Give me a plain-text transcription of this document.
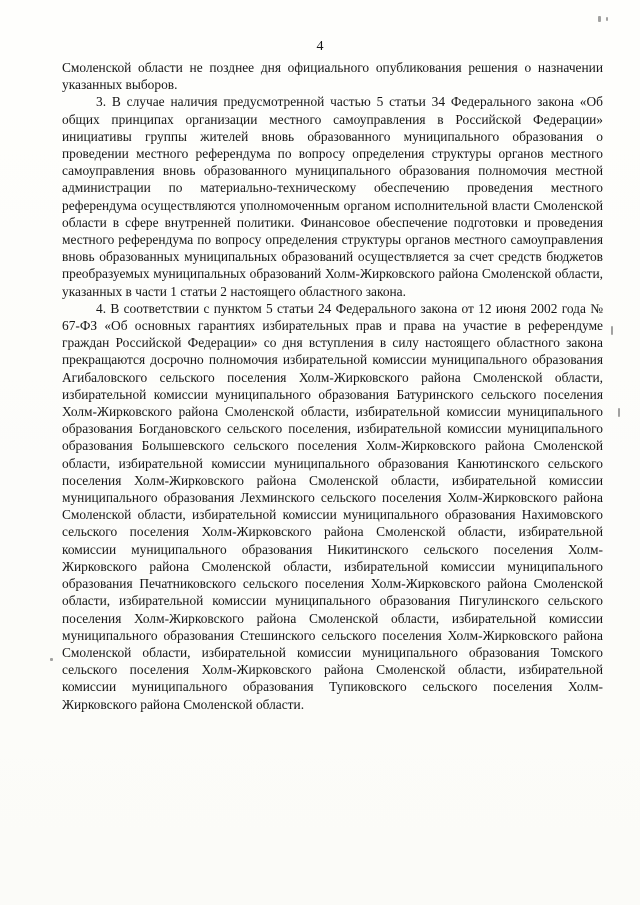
4

Смоленской области не позднее дня официального опубликования решения о назначении указанных выборов.

3. В случае наличия предусмотренной частью 5 статьи 34 Федерального закона «Об общих принципах организации местного самоуправления в Российской Федерации» инициативы группы жителей вновь образованного муниципального образования о проведении местного референдума по вопросу определения структуры органов местного самоуправления вновь образованного муниципального образования полномочия местной администрации по материально-техническому обеспечению проведения местного референдума осуществляются уполномоченным органом исполнительной власти Смоленской области в сфере внутренней политики. Финансовое обеспечение подготовки и проведения местного референдума по вопросу определения структуры органов местного самоуправления вновь образованных муниципальных образований осуществляется за счет средств бюджетов преобразуемых муниципальных образований Холм-Жирковского района Смоленской области, указанных в части 1 статьи 2 настоящего областного закона.

4. В соответствии с пунктом 5 статьи 24 Федерального закона от 12 июня 2002 года № 67-ФЗ «Об основных гарантиях избирательных прав и права на участие в референдуме граждан Российской Федерации» со дня вступления в силу настоящего областного закона прекращаются досрочно полномочия избирательной комиссии муниципального образования Агибаловского сельского поселения Холм-Жирковского района Смоленской области, избирательной комиссии муниципального образования Батуринского сельского поселения Холм-Жирковского района Смоленской области, избирательной комиссии муниципального образования Богдановского сельского поселения, избирательной комиссии муниципального образования Болышевского сельского поселения Холм-Жирковского района Смоленской области, избирательной комиссии муниципального образования Канютинского сельского поселения Холм-Жирковского района Смоленской области, избирательной комиссии муниципального образования Лехминского сельского поселения Холм-Жирковского района Смоленской области, избирательной комиссии муниципального образования Нахимовского сельского поселения Холм-Жирковского района Смоленской области, избирательной комиссии муниципального образования Никитинского сельского поселения Холм-Жирковского района Смоленской области, избирательной комиссии муниципального образования Печатниковского сельского поселения Холм-Жирковского района Смоленской области, избирательной комиссии муниципального образования Пигулинского сельского поселения Холм-Жирковского района Смоленской области, избирательной комиссии муниципального образования Стешинского сельского поселения Холм-Жирковского района Смоленской области, избирательной комиссии муниципального образования Томского сельского поселения Холм-Жирковского района Смоленской области, избирательной комиссии муниципального образования Тупиковского сельского поселения Холм-Жирковского района Смоленской области.
